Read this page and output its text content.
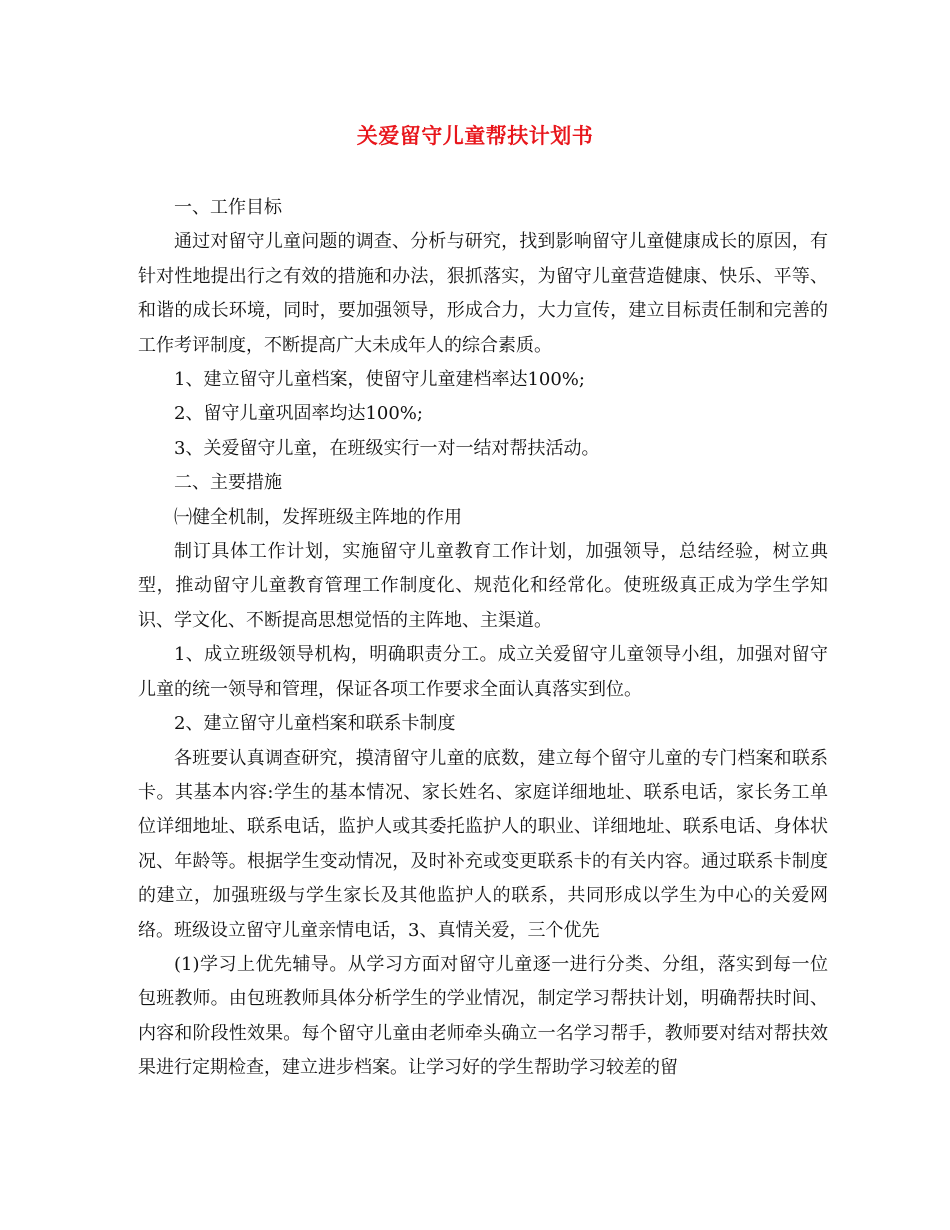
关爱留守儿童帮扶计划书

一、工作目标

通过对留守儿童问题的调查、分析与研究，找到影响留守儿童健康成长的原因，有针对性地提出行之有效的措施和办法，狠抓落实，为留守儿童营造健康、快乐、平等、和谐的成长环境，同时，要加强领导，形成合力，大力宣传，建立目标责任制和完善的工作考评制度，不断提高广大未成年人的综合素质。

1、建立留守儿童档案，使留守儿童建档率达100%;

2、留守儿童巩固率均达100%;

3、关爱留守儿童，在班级实行一对一结对帮扶活动。

二、主要措施

㈠健全机制，发挥班级主阵地的作用

制订具体工作计划，实施留守儿童教育工作计划，加强领导，总结经验，树立典型，推动留守儿童教育管理工作制度化、规范化和经常化。使班级真正成为学生学知识、学文化、不断提高思想觉悟的主阵地、主渠道。

1、成立班级领导机构，明确职责分工。成立关爱留守儿童领导小组，加强对留守儿童的统一领导和管理，保证各项工作要求全面认真落实到位。

2、建立留守儿童档案和联系卡制度

各班要认真调查研究，摸清留守儿童的底数，建立每个留守儿童的专门档案和联系卡。其基本内容:学生的基本情况、家长姓名、家庭详细地址、联系电话，家长务工单位详细地址、联系电话，监护人或其委托监护人的职业、详细地址、联系电话、身体状况、年龄等。根据学生变动情况，及时补充或变更联系卡的有关内容。通过联系卡制度的建立，加强班级与学生家长及其他监护人的联系，共同形成以学生为中心的关爱网络。班级设立留守儿童亲情电话，3、真情关爱，三个优先

(1)学习上优先辅导。从学习方面对留守儿童逐一进行分类、分组，落实到每一位包班教师。由包班教师具体分析学生的学业情况，制定学习帮扶计划，明确帮扶时间、内容和阶段性效果。每个留守儿童由老师牵头确立一名学习帮手，教师要对结对帮扶效果进行定期检查，建立进步档案。让学习好的学生帮助学习较差的留
